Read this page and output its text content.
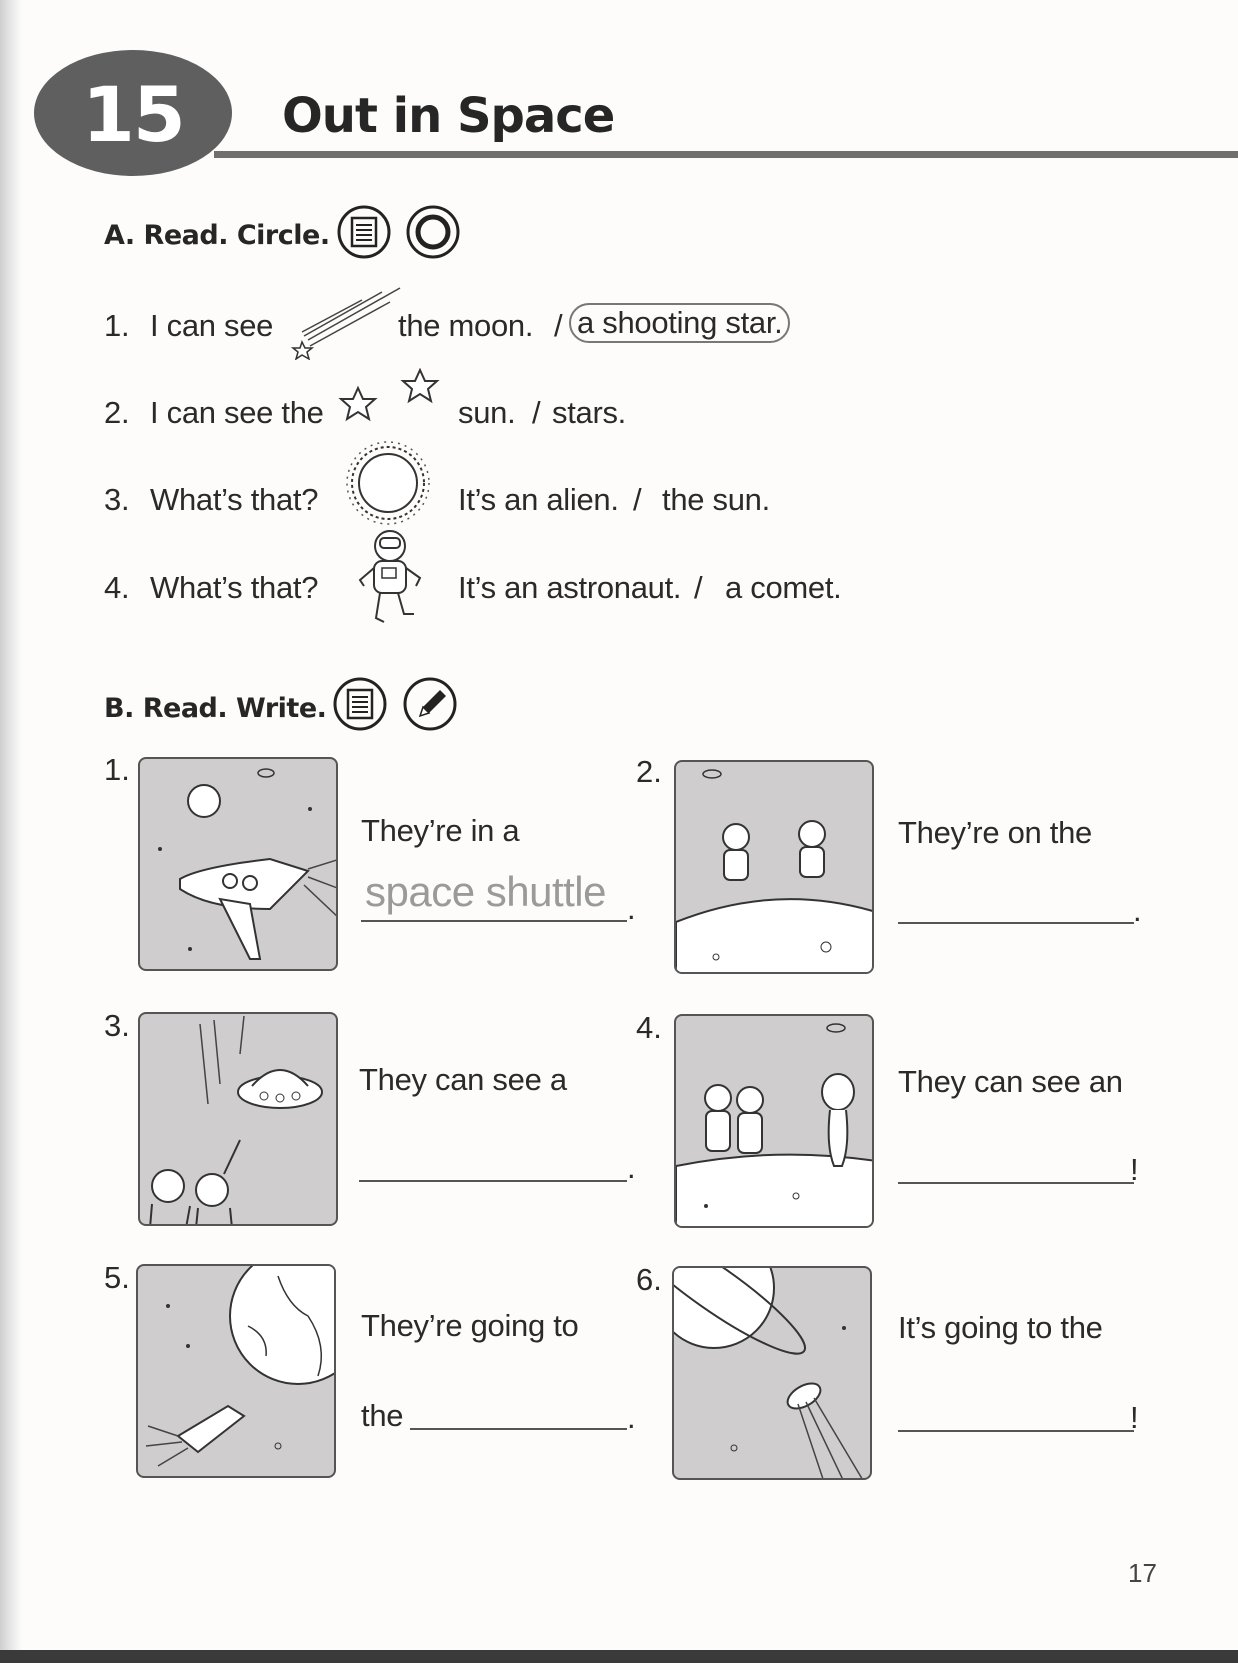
15 Out in Space
A. Read. Circle.
1. I can see	the moon. / a shooting star.
2. I can see the	sun. / stars.
3. What’s that?	It’s an alien. / the sun.
4. What’s that?	It’s an astronaut. / a comet.
B. Read. Write.
1.
They’re in a
space shuttle .
2.
They’re on the
.
3.
They can see a
.
4.
They can see an
!
5.
They’re going to
the	.
6.
It’s going to the
!
17
